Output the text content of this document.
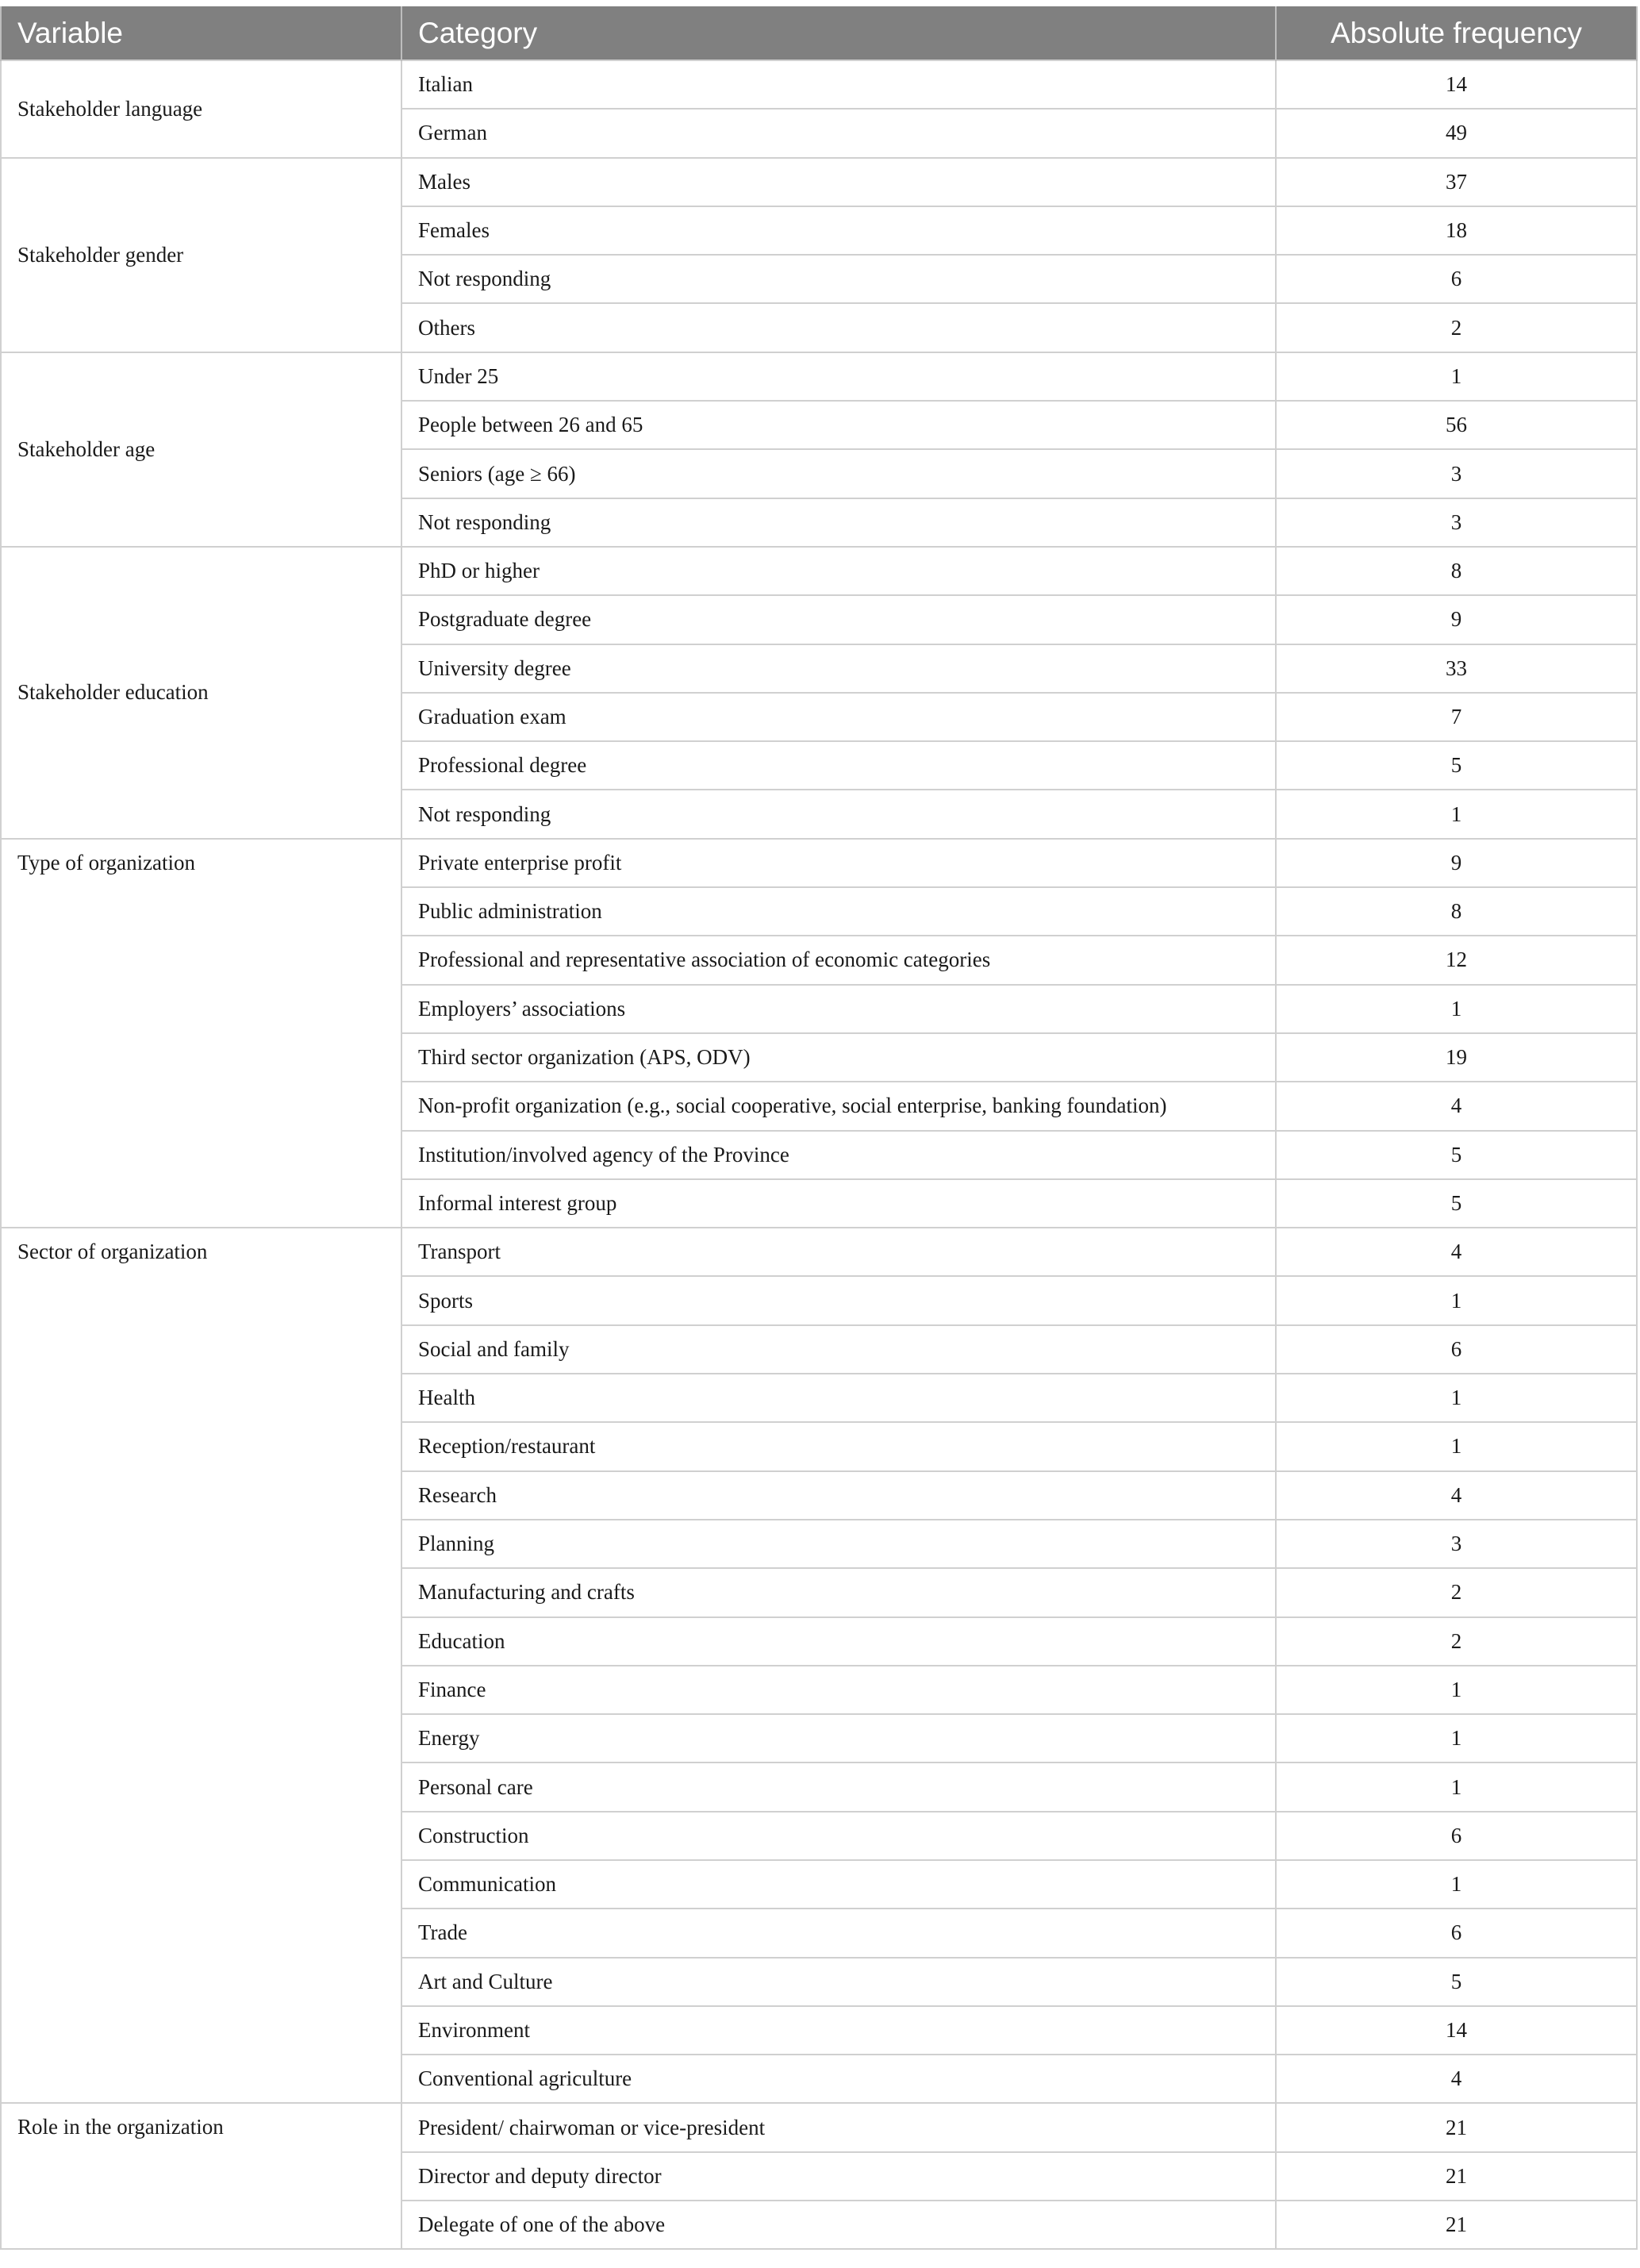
Variable	Category	Absolute frequency
Stakeholder language	Italian	14
	German	49
Stakeholder gender	Males	37
	Females	18
	Not responding	6
	Others	2
Stakeholder age	Under 25	1
	People between 26 and 65	56
	Seniors (age ≥ 66)	3
	Not responding	3
Stakeholder education	PhD or higher	8
	Postgraduate degree	9
	University degree	33
	Graduation exam	7
	Professional degree	5
	Not responding	1
Type of organization	Private enterprise profit	9
	Public administration	8
	Professional and representative association of economic categories	12
	Employers’ associations	1
	Third sector organization (APS, ODV)	19
	Non-profit organization (e.g., social cooperative, social enterprise, banking foundation)	4
	Institution/involved agency of the Province	5
	Informal interest group	5
Sector of organization	Transport	4
	Sports	1
	Social and family	6
	Health	1
	Reception/restaurant	1
	Research	4
	Planning	3
	Manufacturing and crafts	2
	Education	2
	Finance	1
	Energy	1
	Personal care	1
	Construction	6
	Communication	1
	Trade	6
	Art and Culture	5
	Environment	14
	Conventional agriculture	4
Role in the organization	President/ chairwoman or vice-president	21
	Director and deputy director	21
	Delegate of one of the above	21
